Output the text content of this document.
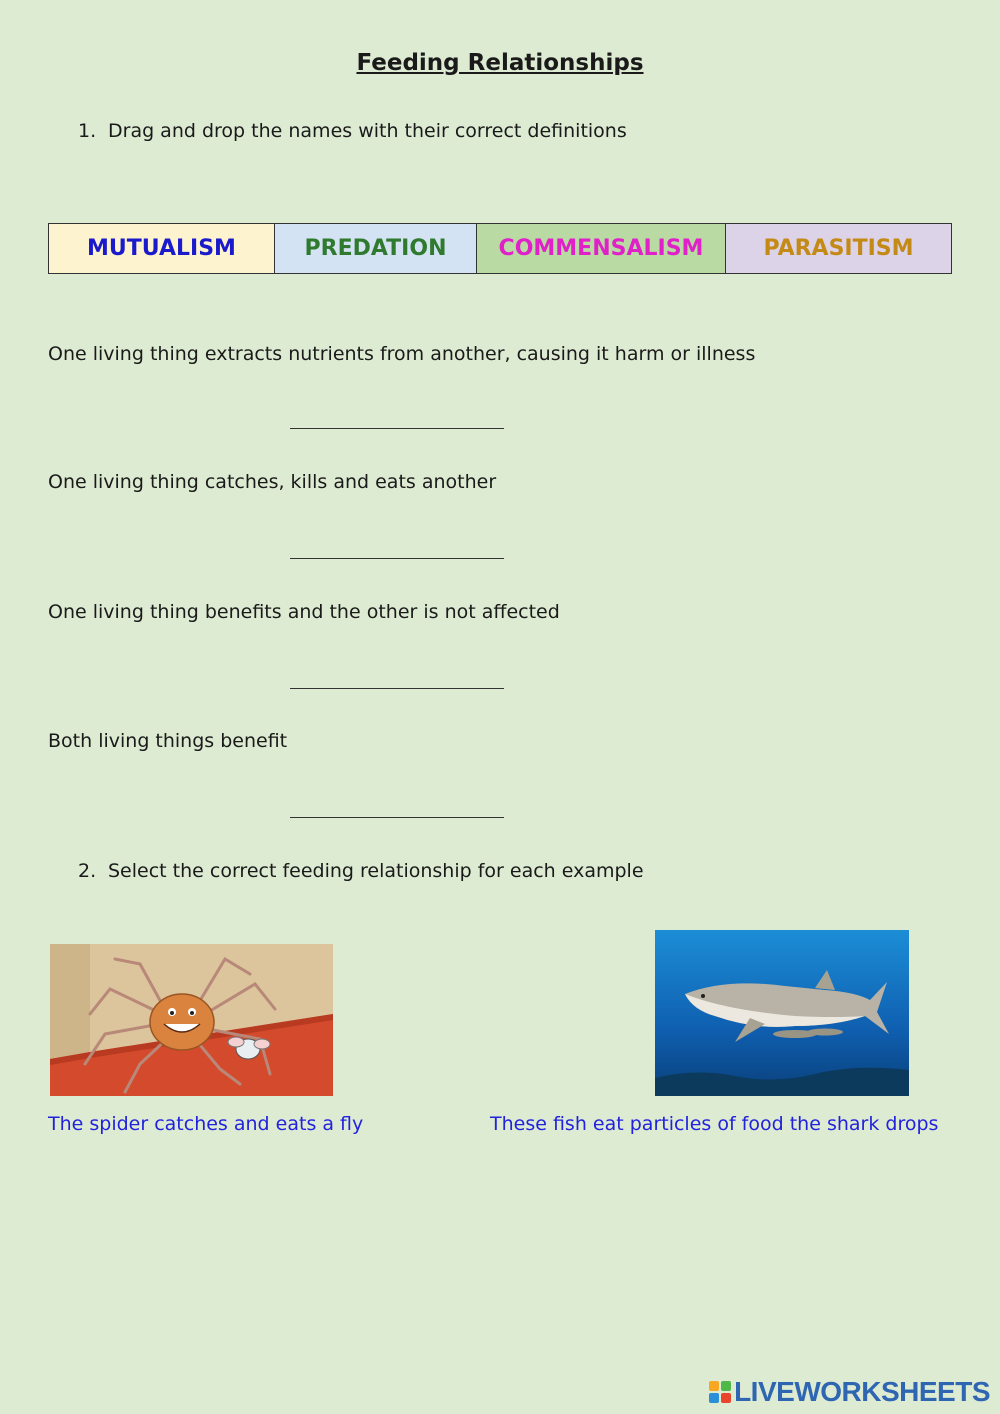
Feeding Relationships
1. Drag and drop the names with their correct definitions
MUTUALISM	PREDATION	COMMENSALISM	PARASITISM
One living thing extracts nutrients from another, causing it harm or illness
One living thing catches, kills and eats another
One living thing benefits and the other is not affected
Both living things benefit
2. Select the correct feeding relationship for each example
The spider catches and eats a fly	These fish eat particles of food the shark drops
LIVEWORKSHEETS
